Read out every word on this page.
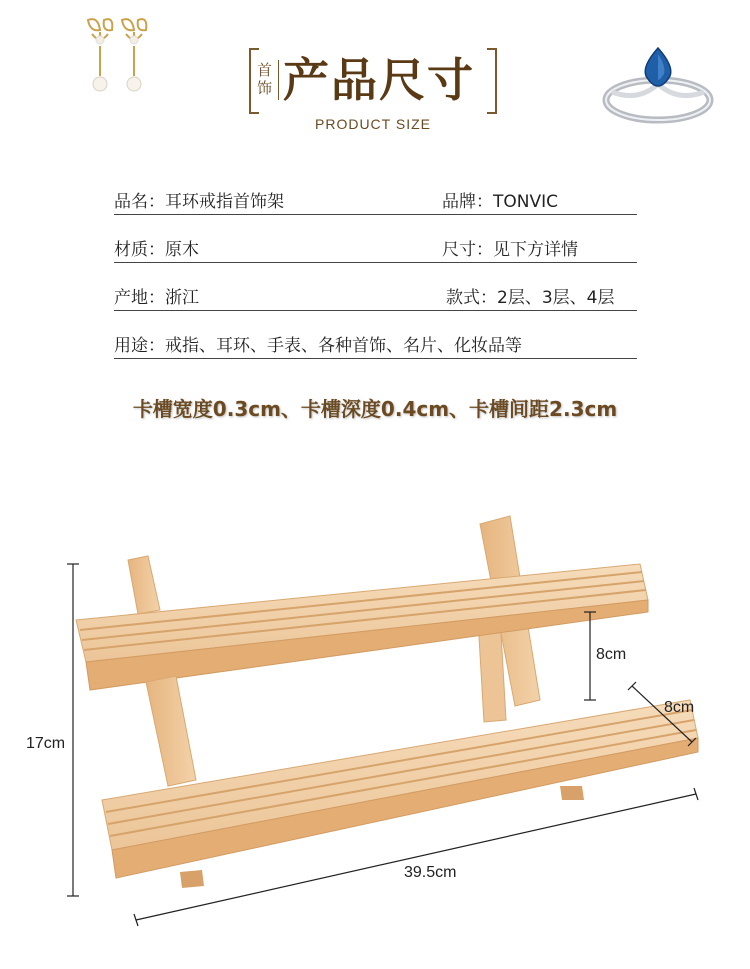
首饰 产品尺寸
PRODUCT SIZE
品名：耳环戒指首饰架	品牌：TONVIC
材质：原木	尺寸：见下方详情
产地：浙江	款式：2层、3层、4层
用途：戒指、耳环、手表、各种首饰、名片、化妆品等
卡槽宽度0.3cm、卡槽深度0.4cm、卡槽间距2.3cm
17cm
8cm
8cm
39.5cm
